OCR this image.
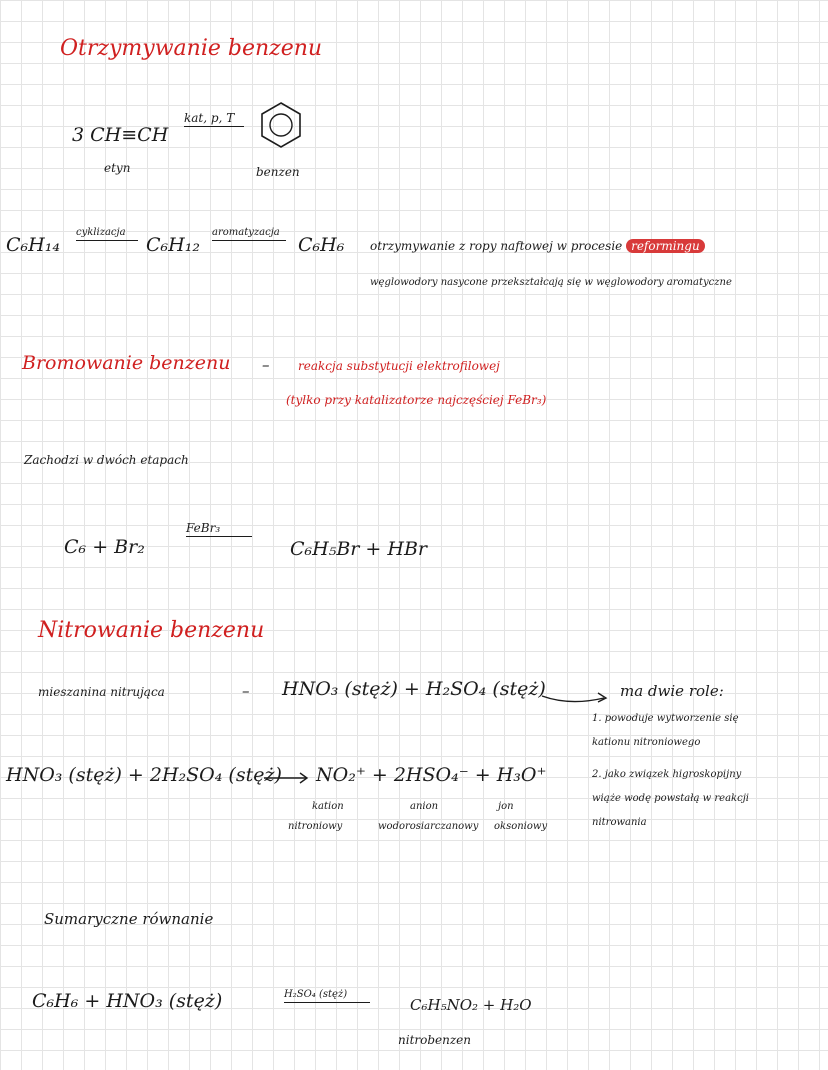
Otrzymywanie benzenu
3 CH≡CH
kat, p, T
etyn	benzen
C₆H₁₄
cyklizacja
C₆H₁₂
aromatyzacja
C₆H₆ otrzymywanie z ropy naftowej w procesie reformingu
węglowodory nasycone przekształcają się w węglowodory aromatyczne
Bromowanie benzenu – reakcja substytucji elektrofilowej
(tylko przy katalizatorze najczęściej FeBr₃)
Zachodzi w dwóch etapach
C₆ + Br₂
FeBr₃
C₆H₅Br + HBr
Nitrowanie benzenu
mieszanina nitrująca	– HNO₃ (stęż) + H₂SO₄ (stęż)	ma dwie role:
1. powoduje wytworzenie się
kationu nitroniowego
2. jako związek higroskopijny
wiąże wodę powstałą w reakcji
nitrowania
HNO₃ (stęż) + 2H₂SO₄ (stęż) → NO₂⁺ + 2HSO₄⁻ + H₃O⁺
kation
nitroniowy
anion
wodorosiarczanowy
jon
oksoniowy
Sumaryczne równanie
C₆H₆ + HNO₃ (stęż)	H₂SO₄ (stęż)
C₆H₅NO₂ + H₂O
nitrobenzen
